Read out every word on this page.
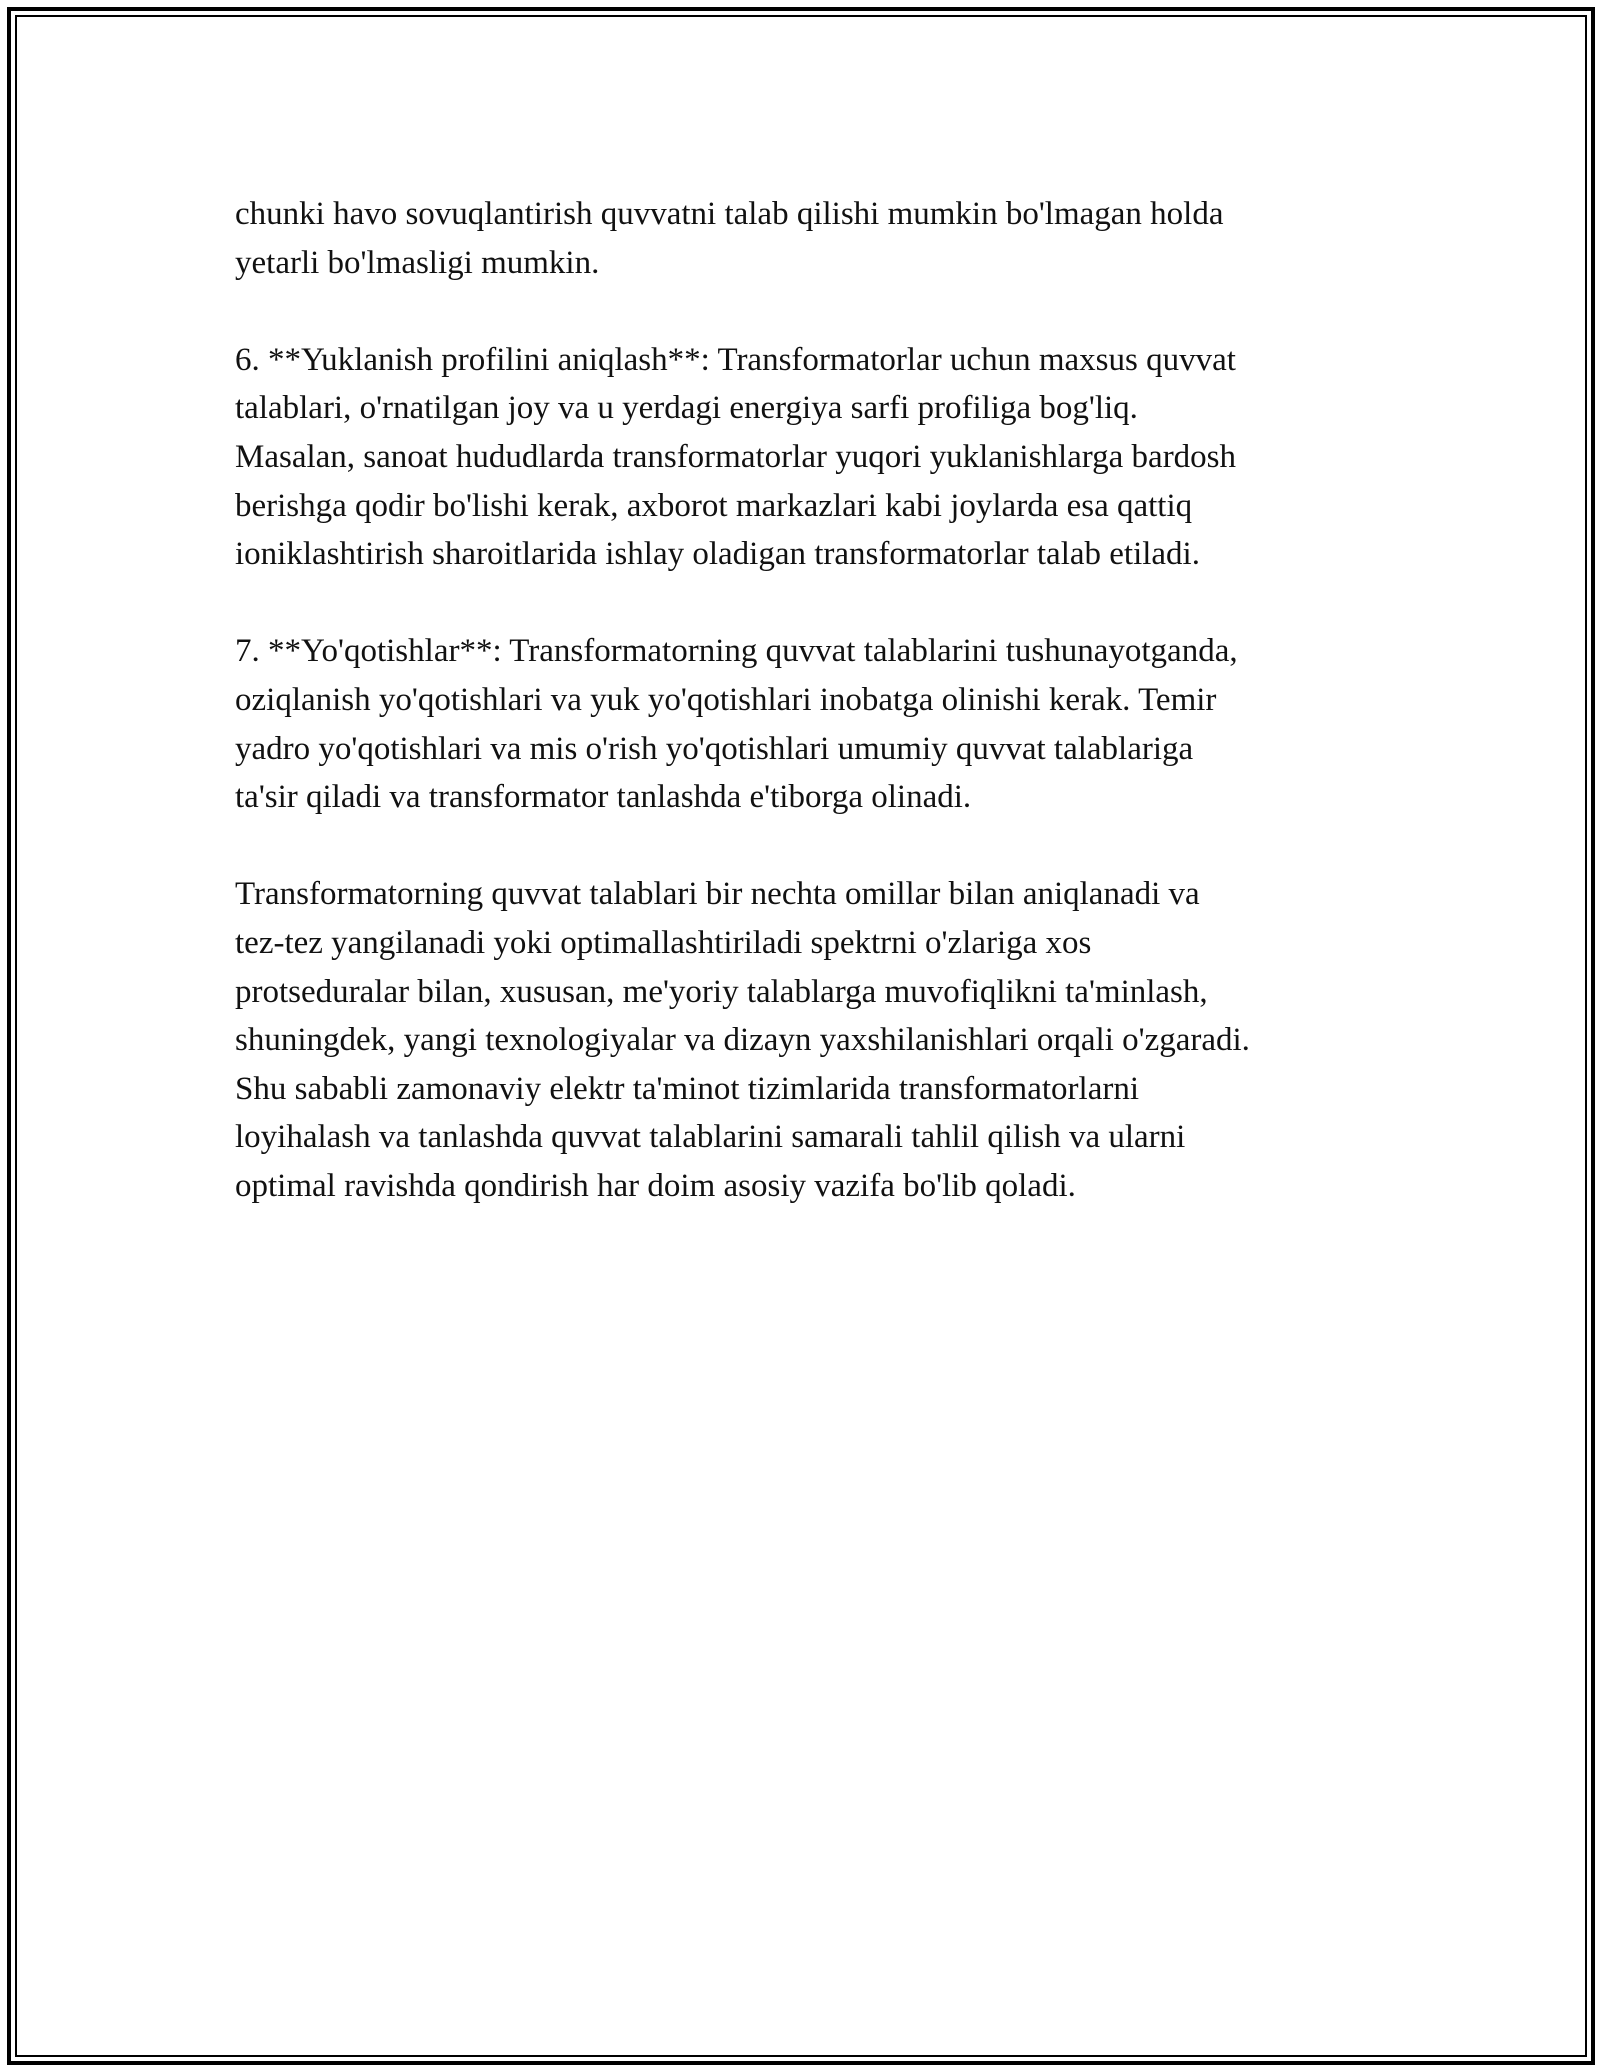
chunki havo sovuqlantirish quvvatni talab qilishi mumkin bo'lmagan holda
yetarli bo'lmasligi mumkin.

6. **Yuklanish profilini aniqlash**: Transformatorlar uchun maxsus quvvat
talablari, o'rnatilgan joy va u yerdagi energiya sarfi profiliga bog'liq.
Masalan, sanoat hududlarda transformatorlar yuqori yuklanishlarga bardosh
berishga qodir bo'lishi kerak, axborot markazlari kabi joylarda esa qattiq
ioniklashtirish sharoitlarida ishlay oladigan transformatorlar talab etiladi.

7. **Yo'qotishlar**: Transformatorning quvvat talablarini tushunayotganda,
oziqlanish yo'qotishlari va yuk yo'qotishlari inobatga olinishi kerak. Temir
yadro yo'qotishlari va mis o'rish yo'qotishlari umumiy quvvat talablariga
ta'sir qiladi va transformator tanlashda e'tiborga olinadi.

Transformatorning quvvat talablari bir nechta omillar bilan aniqlanadi va
tez-tez yangilanadi yoki optimallashtiriladi spektrni o'zlariga xos
protseduralar bilan, xususan, me'yoriy talablarga muvofiqlikni ta'minlash,
shuningdek, yangi texnologiyalar va dizayn yaxshilanishlari orqali o'zgaradi.
Shu sababli zamonaviy elektr ta'minot tizimlarida transformatorlarni
loyihalash va tanlashda quvvat talablarini samarali tahlil qilish va ularni
optimal ravishda qondirish har doim asosiy vazifa bo'lib qoladi.
